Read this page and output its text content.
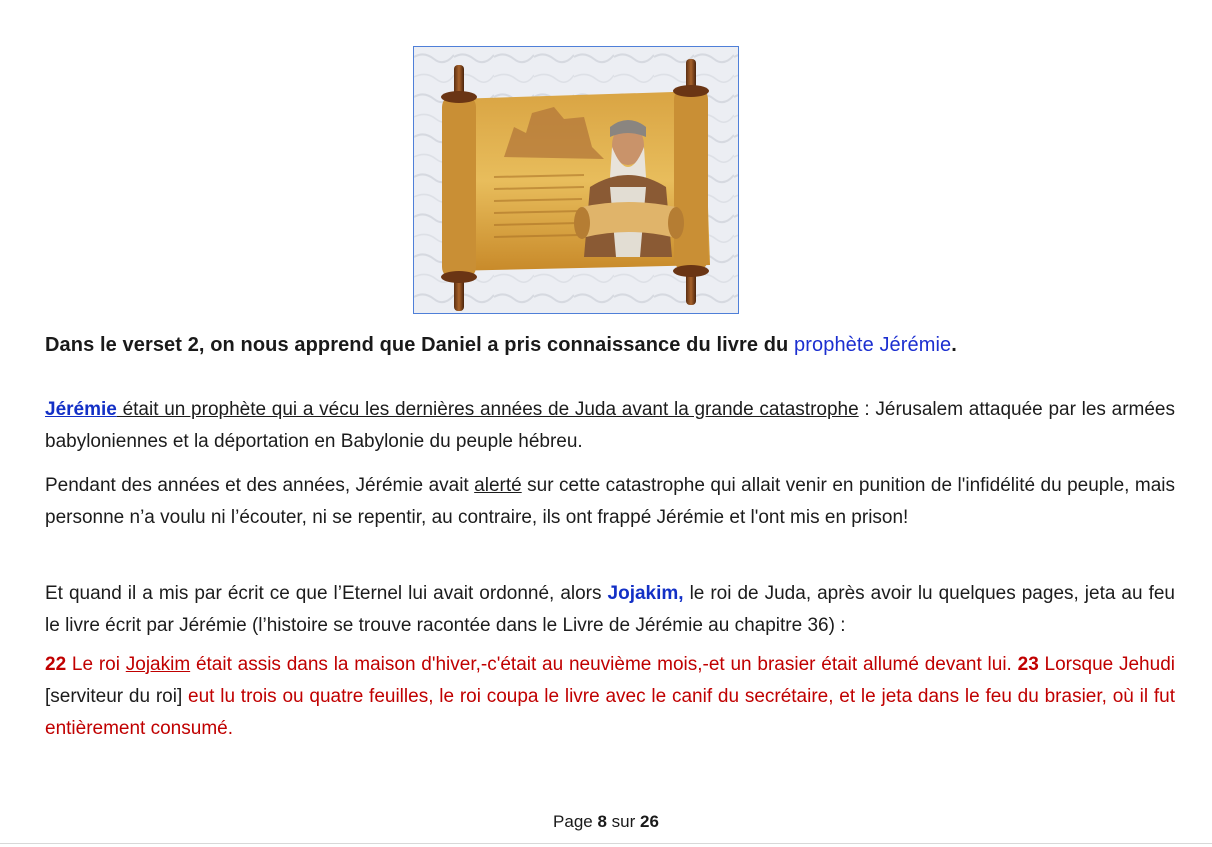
Dans le verset 2, on nous apprend que Daniel a pris connaissance du livre du prophète Jérémie.
Jérémie était un prophète qui a vécu les dernières années de Juda avant la grande catastrophe : Jérusalem attaquée par les armées babyloniennes et la déportation en Babylonie du peuple hébreu.
Pendant des années et des années, Jérémie avait alerté sur cette catastrophe qui allait venir en punition de l'infidélité du peuple, mais personne n’a voulu ni l’écouter, ni se repentir, au contraire, ils ont frappé Jérémie et l'ont mis en prison!
Et quand il a mis par écrit ce que l’Eternel lui avait ordonné, alors Jojakim, le roi de Juda, après avoir lu quelques pages, jeta au feu le livre écrit par Jérémie (l’histoire se trouve racontée dans le Livre de Jérémie au chapitre 36) :
22 Le roi Jojakim était assis dans la maison d'hiver,-c'était au neuvième mois,-et un brasier était allumé devant lui. 23 Lorsque Jehudi [serviteur du roi] eut lu trois ou quatre feuilles, le roi coupa le livre avec le canif du secrétaire, et le jeta dans le feu du brasier, où il fut entièrement consumé.
Page 8 sur 26
